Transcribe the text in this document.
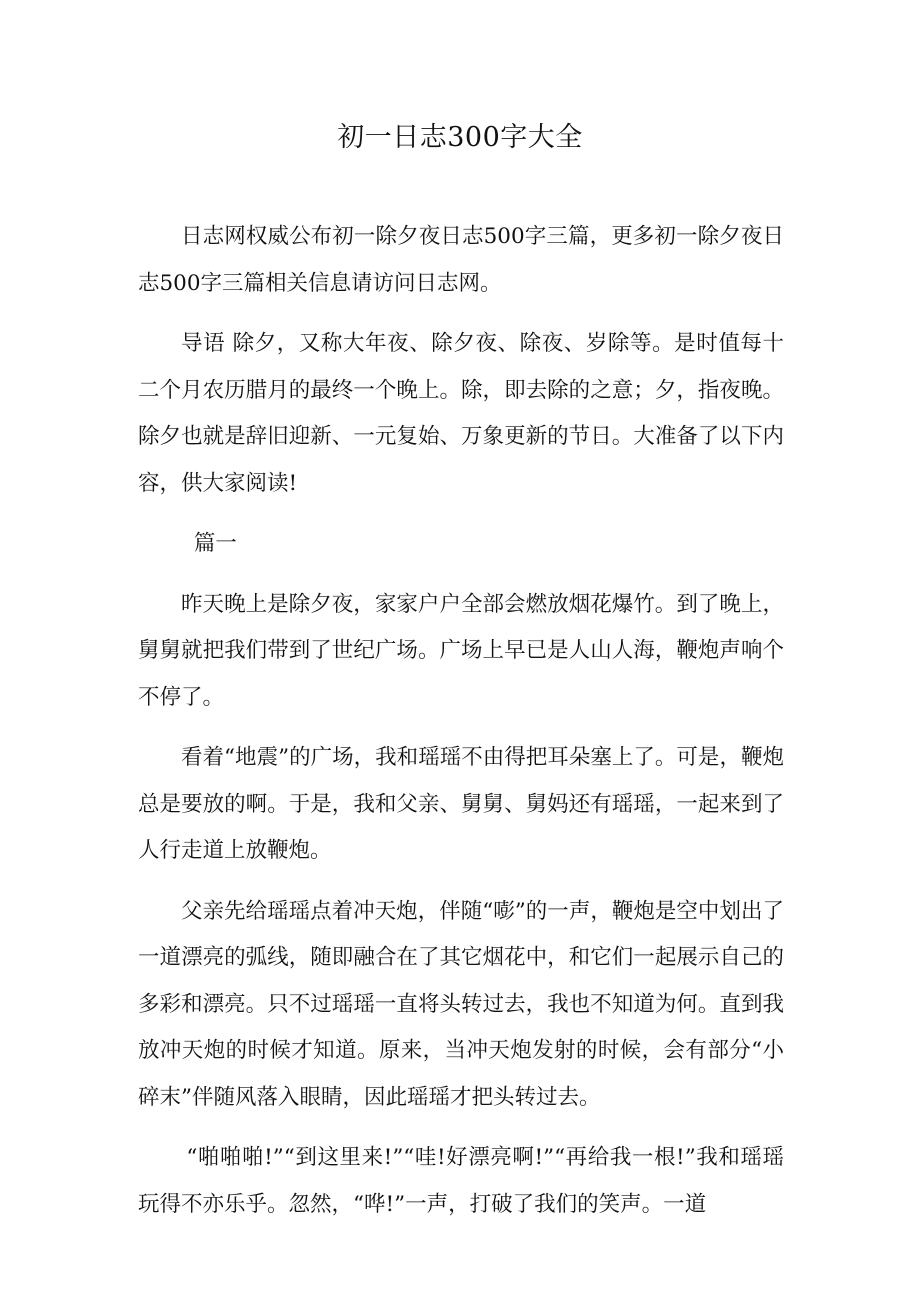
初一日志300字大全

日志网权威公布初一除夕夜日志500字三篇，更多初一除夕夜日志500字三篇相关信息请访问日志网。

导语 除夕，又称大年夜、除夕夜、除夜、岁除等。是时值每十二个月农历腊月的最终一个晚上。除，即去除的之意；夕，指夜晚。除夕也就是辞旧迎新、一元复始、万象更新的节日。大准备了以下内容，供大家阅读!

篇一

昨天晚上是除夕夜，家家户户全部会燃放烟花爆竹。到了晚上，舅舅就把我们带到了世纪广场。广场上早已是人山人海，鞭炮声响个不停了。

看着“地震”的广场，我和瑶瑶不由得把耳朵塞上了。可是，鞭炮总是要放的啊。于是，我和父亲、舅舅、舅妈还有瑶瑶，一起来到了人行走道上放鞭炮。

父亲先给瑶瑶点着冲天炮，伴随“嘭”的一声，鞭炮是空中划出了一道漂亮的弧线，随即融合在了其它烟花中，和它们一起展示自己的多彩和漂亮。只不过瑶瑶一直将头转过去，我也不知道为何。直到我放冲天炮的时候才知道。原来，当冲天炮发射的时候，会有部分“小碎末”伴随风落入眼睛，因此瑶瑶才把头转过去。

“啪啪啪!”“到这里来!”“哇!好漂亮啊!”“再给我一根!”我和瑶瑶玩得不亦乐乎。忽然，“哗!”一声，打破了我们的笑声。一道
